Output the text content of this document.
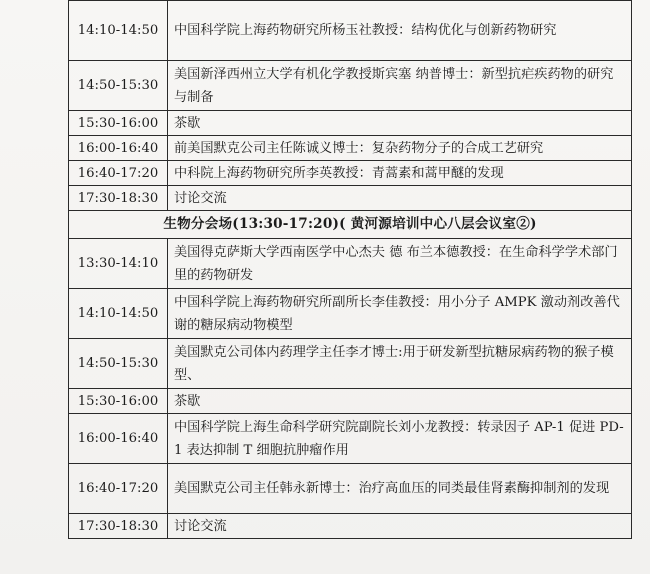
14:10-14:50	中国科学院上海药物研究所杨玉社教授：结构优化与创新药物研究
14:50-15:30	美国新泽西州立大学有机化学教授斯宾塞 纳普博士：新型抗疟疾药物的研究与制备
15:30-16:00	茶歇
16:00-16:40	前美国默克公司主任陈诚义博士：复杂药物分子的合成工艺研究
16:40-17:20	中科院上海药物研究所李英教授：青蒿素和蒿甲醚的发现
17:30-18:30	讨论交流
生物分会场(13:30-17:20)( 黄河源培训中心八层会议室②)	
13:30-14:10	美国得克萨斯大学西南医学中心杰夫 德 布兰本德教授：在生命科学学术部门里的药物研发
14:10-14:50	中国科学院上海药物研究所副所长李佳教授：用小分子 AMPK 激动剂改善代谢的糖尿病动物模型
14:50-15:30	美国默克公司体内药理学主任李才博士:用于研发新型抗糖尿病药物的猴子模型、
15:30-16:00	茶歇
16:00-16:40	中国科学院上海生命科学研究院副院长刘小龙教授：转录因子 AP-1 促进 PD-1 表达抑制 T 细胞抗肿瘤作用
16:40-17:20	美国默克公司主任韩永新博士：治疗高血压的同类最佳肾素酶抑制剂的发现
17:30-18:30	讨论交流
